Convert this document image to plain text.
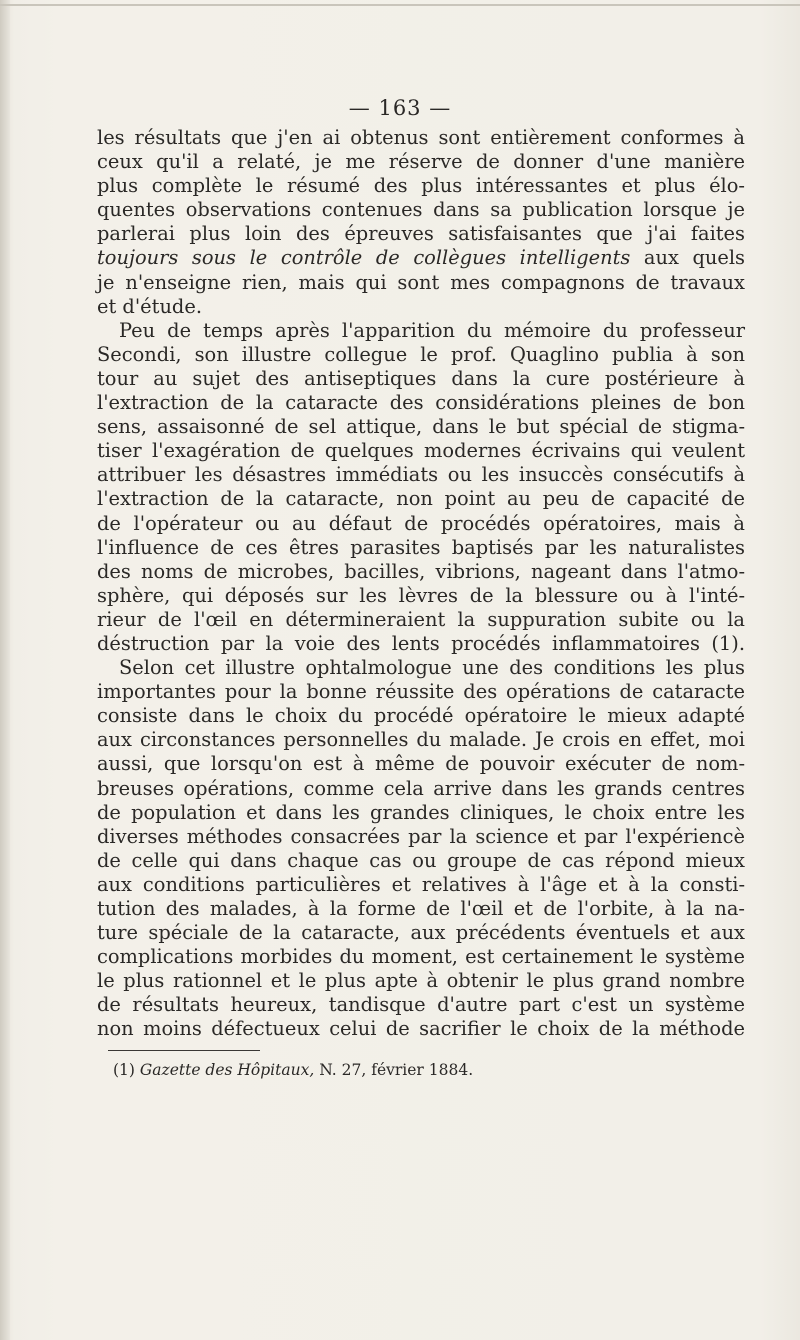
— 163 —

les résultats que j'en ai obtenus sont entièrement conformes à
ceux qu'il a relaté, je me réserve de donner d'une manière
plus complète le résumé des plus intéressantes et plus élo-
quentes observations contenues dans sa publication lorsque je
parlerai plus loin des épreuves satisfaisantes que j'ai faites
toujours sous le contrôle de collègues intelligents aux quels
je n'enseigne rien, mais qui sont mes compagnons de travaux
et d'étude.
Peu de temps après l'apparition du mémoire du professeur
Secondi, son illustre collegue le prof. Quaglino publia à son
tour au sujet des antiseptiques dans la cure postérieure à
l'extraction de la cataracte des considérations pleines de bon
sens, assaisonné de sel attique, dans le but spécial de stigma-
tiser l'exagération de quelques modernes écrivains qui veulent
attribuer les désastres immédiats ou les insuccès consécutifs à
l'extraction de la cataracte, non point au peu de capacité de
de l'opérateur ou au défaut de procédés opératoires, mais à
l'influence de ces êtres parasites baptisés par les naturalistes
des noms de microbes, bacilles, vibrions, nageant dans l'atmo-
sphère, qui déposés sur les lèvres de la blessure ou à l'inté-
rieur de l'œil en détermineraient la suppuration subite ou la
déstruction par la voie des lents procédés inflammatoires (1).
Selon cet illustre ophtalmologue une des conditions les plus
importantes pour la bonne réussite des opérations de cataracte
consiste dans le choix du procédé opératoire le mieux adapté
aux circonstances personnelles du malade. Je crois en effet, moi
aussi, que lorsqu'on est à même de pouvoir exécuter de nom-
breuses opérations, comme cela arrive dans les grands centres
de population et dans les grandes cliniques, le choix entre les
diverses méthodes consacrées par la science et par l'expériencè
de celle qui dans chaque cas ou groupe de cas répond mieux
aux conditions particulières et relatives à l'âge et à la consti-
tution des malades, à la forme de l'œil et de l'orbite, à la na-
ture spéciale de la cataracte, aux précédents éventuels et aux
complications morbides du moment, est certainement le système
le plus rationnel et le plus apte à obtenir le plus grand nombre
de résultats heureux, tandisque d'autre part c'est un système
non moins défectueux celui de sacrifier le choix de la méthode

(1) Gazette des Hôpitaux, N. 27, février 1884.
